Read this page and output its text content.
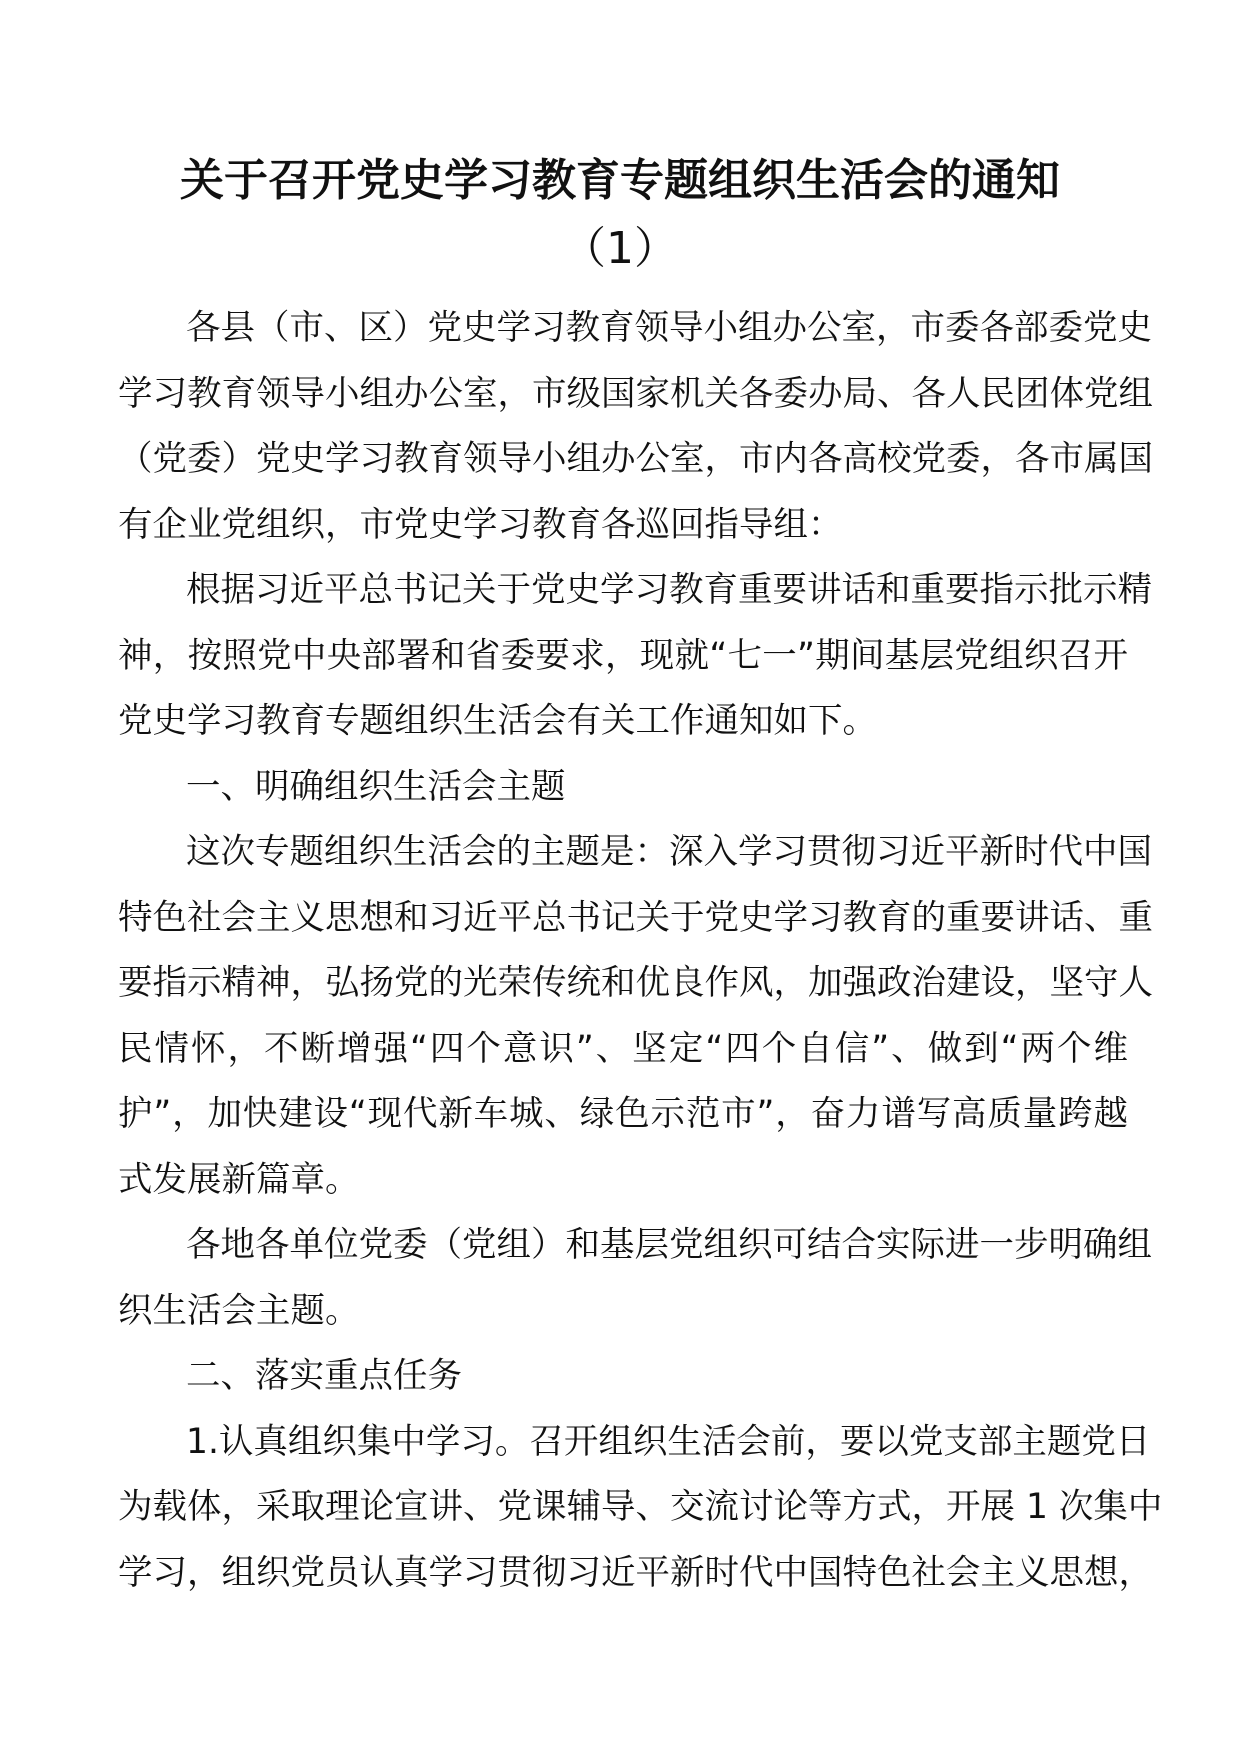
关于召开党史学习教育专题组织生活会的通知
（1）
各县（市、区）党史学习教育领导小组办公室，市委各部委党史
学习教育领导小组办公室，市级国家机关各委办局、各人民团体党组
（党委）党史学习教育领导小组办公室，市内各高校党委，各市属国
有企业党组织，市党史学习教育各巡回指导组：
根据习近平总书记关于党史学习教育重要讲话和重要指示批示精
神，按照党中央部署和省委要求，现就“七一”期间基层党组织召开
党史学习教育专题组织生活会有关工作通知如下。
一、明确组织生活会主题
这次专题组织生活会的主题是：深入学习贯彻习近平新时代中国
特色社会主义思想和习近平总书记关于党史学习教育的重要讲话、重
要指示精神，弘扬党的光荣传统和优良作风，加强政治建设，坚守人
民情怀，不断增强“四个意识”、坚定“四个自信”、做到“两个维
护”，加快建设“现代新车城、绿色示范市”，奋力谱写高质量跨越
式发展新篇章。
各地各单位党委（党组）和基层党组织可结合实际进一步明确组
织生活会主题。
二、落实重点任务
1.认真组织集中学习。召开组织生活会前，要以党支部主题党日
为载体，采取理论宣讲、党课辅导、交流讨论等方式，开展 1 次集中
学习，组织党员认真学习贯彻习近平新时代中国特色社会主义思想，
